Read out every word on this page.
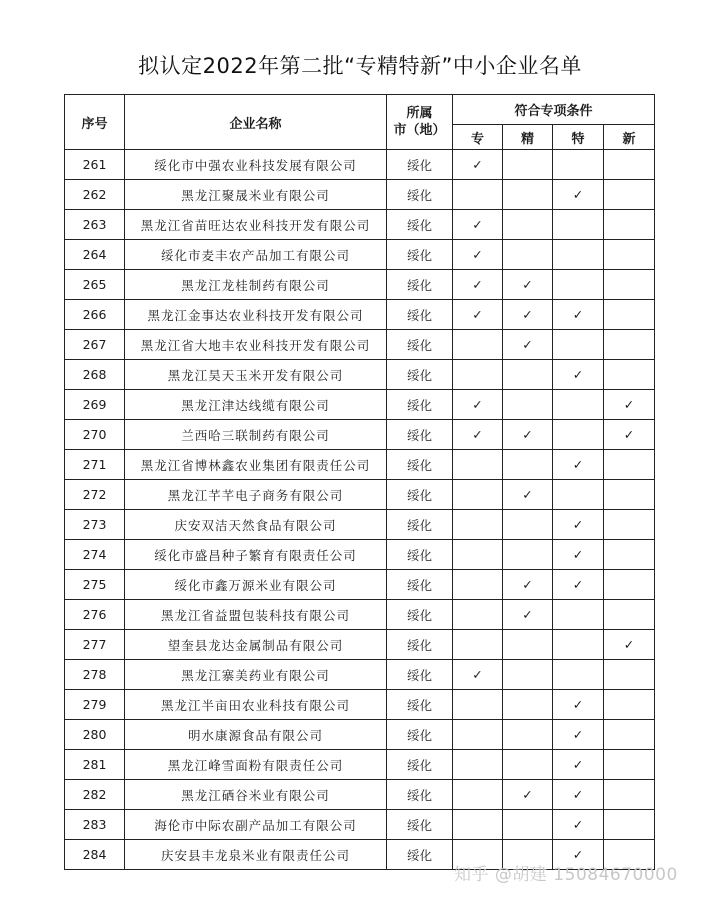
拟认定2022年第二批“专精特新”中小企业名单
序号	企业名称	所属
市（地）	符合专项条件			
			专	精	特	新
261	绥化市中强农业科技发展有限公司	绥化	✓			
262	黑龙江聚晟米业有限公司	绥化			✓	
263	黑龙江省苗旺达农业科技开发有限公司	绥化	✓			
264	绥化市麦丰农产品加工有限公司	绥化	✓			
265	黑龙江龙桂制药有限公司	绥化	✓	✓		
266	黑龙江金事达农业科技开发有限公司	绥化	✓	✓	✓	
267	黑龙江省大地丰农业科技开发有限公司	绥化		✓		
268	黑龙江昊天玉米开发有限公司	绥化			✓	
269	黑龙江津达线缆有限公司	绥化	✓			✓
270	兰西哈三联制药有限公司	绥化	✓	✓		✓
271	黑龙江省博林鑫农业集团有限责任公司	绥化			✓	
272	黑龙江芊芊电子商务有限公司	绥化		✓		
273	庆安双洁天然食品有限公司	绥化			✓	
274	绥化市盛昌种子繁育有限责任公司	绥化			✓	
275	绥化市鑫万源米业有限公司	绥化		✓	✓	
276	黑龙江省益盟包装科技有限公司	绥化		✓		
277	望奎县龙达金属制品有限公司	绥化				✓
278	黑龙江寨美药业有限公司	绥化	✓			
279	黑龙江半亩田农业科技有限公司	绥化			✓	
280	明水康源食品有限公司	绥化			✓	
281	黑龙江峰雪面粉有限责任公司	绥化			✓	
282	黑龙江硒谷米业有限公司	绥化		✓	✓	
283	海伦市中际农副产品加工有限公司	绥化			✓	
284	庆安县丰龙泉米业有限责任公司	绥化			✓	
知乎 @胡建 15084670000
